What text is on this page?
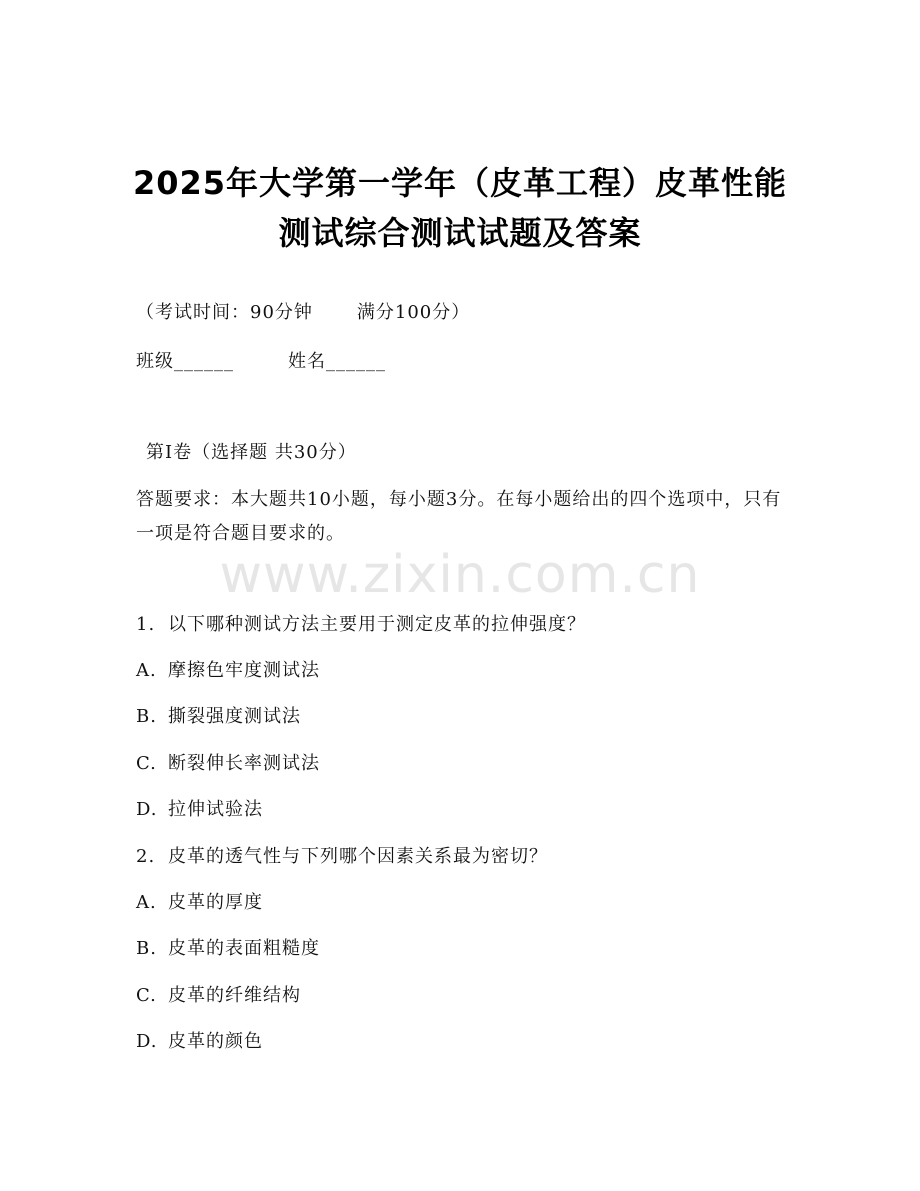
2025年大学第一学年（皮革工程）皮革性能
测试综合测试试题及答案
（考试时间：90分钟 满分100分）
班级______	姓名______
第I卷（选择题 共30分）
答题要求：本大题共10小题，每小题3分。在每小题给出的四个选项中，只有一项是符合题目要求的。
www.zixin.com.cn
1. 以下哪种测试方法主要用于测定皮革的拉伸强度？
A. 摩擦色牢度测试法
B. 撕裂强度测试法
C. 断裂伸长率测试法
D. 拉伸试验法
2. 皮革的透气性与下列哪个因素关系最为密切？
A. 皮革的厚度
B. 皮革的表面粗糙度
C. 皮革的纤维结构
D. 皮革的颜色
